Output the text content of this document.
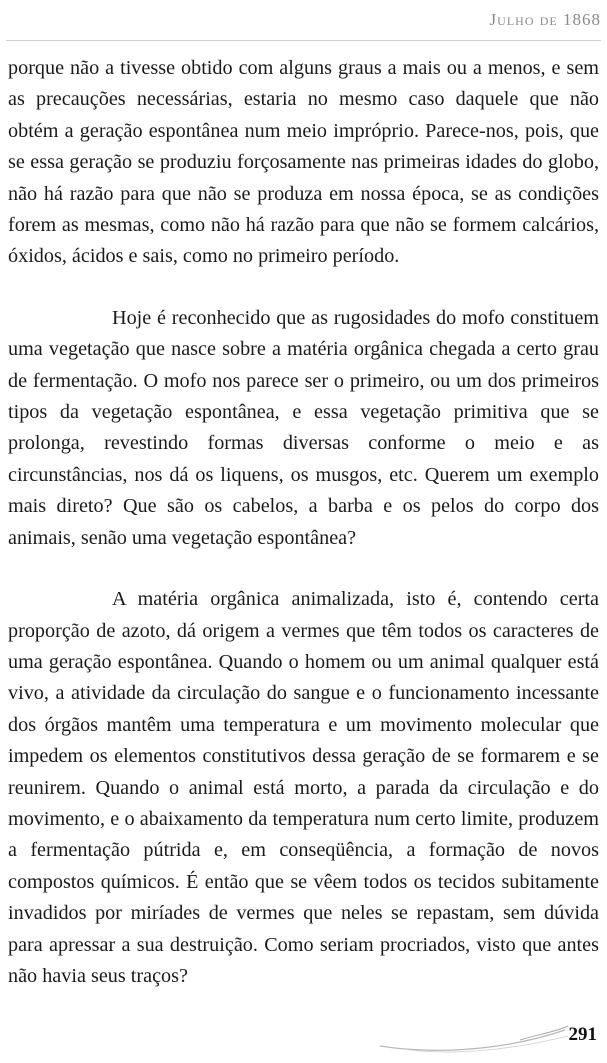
Julho de 1868

porque não a tivesse obtido com alguns graus a mais ou a menos, e sem as precauções necessárias, estaria no mesmo caso daquele que não obtém a geração espontânea num meio impróprio. Parece-nos, pois, que se essa geração se produziu forçosamente nas primeiras idades do globo, não há razão para que não se produza em nossa época, se as condições forem as mesmas, como não há razão para que não se formem calcários, óxidos, ácidos e sais, como no primeiro período.

Hoje é reconhecido que as rugosidades do mofo constituem uma vegetação que nasce sobre a matéria orgânica chegada a certo grau de fermentação. O mofo nos parece ser o primeiro, ou um dos primeiros tipos da vegetação espontânea, e essa vegetação primitiva que se prolonga, revestindo formas diversas conforme o meio e as circunstâncias, nos dá os liquens, os musgos, etc. Querem um exemplo mais direto? Que são os cabelos, a barba e os pelos do corpo dos animais, senão uma vegetação espontânea?

A matéria orgânica animalizada, isto é, contendo certa proporção de azoto, dá origem a vermes que têm todos os caracteres de uma geração espontânea. Quando o homem ou um animal qualquer está vivo, a atividade da circulação do sangue e o funcionamento incessante dos órgãos mantêm uma temperatura e um movimento molecular que impedem os elementos constitutivos dessa geração de se formarem e se reunirem. Quando o animal está morto, a parada da circulação e do movimento, e o abaixamento da temperatura num certo limite, produzem a fermentação pútrida e, em conseqüência, a formação de novos compostos químicos. É então que se vêem todos os tecidos subitamente invadidos por miríades de vermes que neles se repastam, sem dúvida para apressar a sua destruição. Como seriam procriados, visto que antes não havia seus traços?

291
